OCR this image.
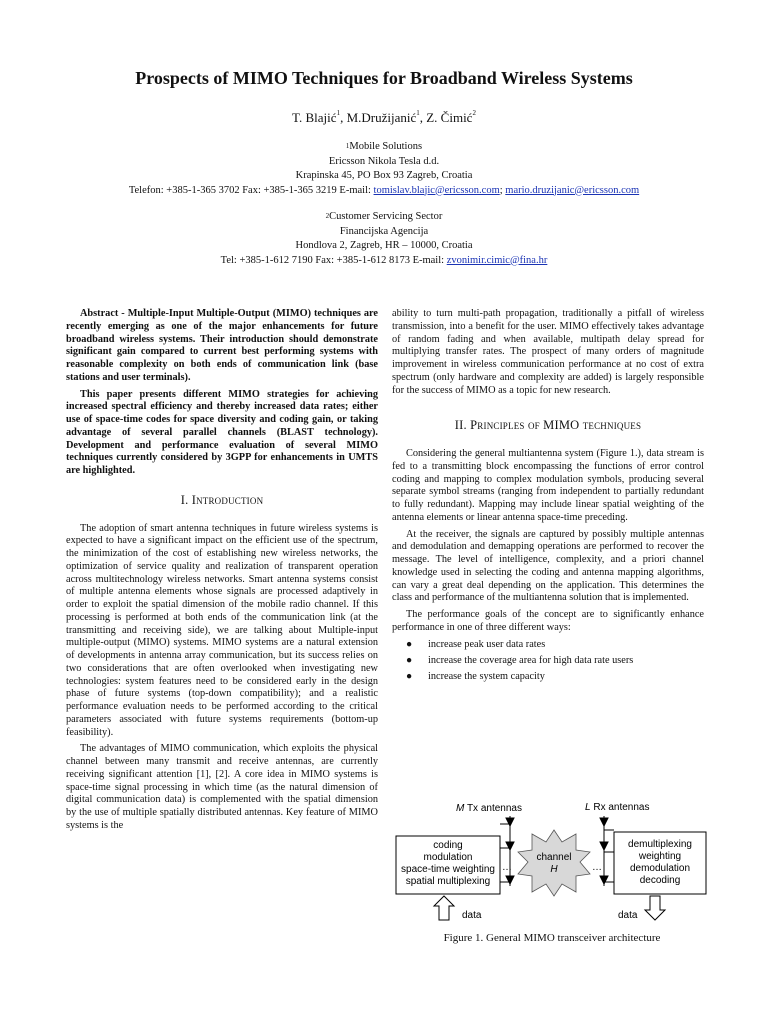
Prospects of MIMO Techniques for Broadband Wireless Systems
T. Blajić$^1$, M.Družijanić$^1$, Z. Čimić$^2$
$^1$Mobile Solutions
Ericsson Nikola Tesla d.d.
Krapinska 45, PO Box 93 Zagreb, Croatia
Telefon: +385-1-365 3702 Fax: +385-1-365 3219 E-mail: tomislav.blajic@ericsson.com; mario.druzijanic@ericsson.com
$^2$Customer Servicing Sector
Financijska Agencija
Hondlova 2, Zagreb, HR – 10000, Croatia
Tel: +385-1-612 7190 Fax: +385-1-612 8173 E-mail: zvonimir.cimic@fina.hr

Abstract - Multiple-Input Multiple-Output (MIMO) techniques are recently emerging as one of the major enhancements for future broadband wireless systems. Their introduction should demonstrate significant gain compared to current best performing systems with reasonable complexity on both ends of communication link (base stations and user terminals).

This paper presents different MIMO strategies for achieving increased spectral efficiency and thereby increased data rates; either use of space-time codes for space diversity and coding gain, or taking advantage of several parallel channels (BLAST technology). Development and performance evaluation of several MIMO techniques currently considered by 3GPP for enhancements in UMTS are highlighted.

I. Introduction

The adoption of smart antenna techniques in future wireless systems is expected to have a significant impact on the efficient use of the spectrum, the minimization of the cost of establishing new wireless networks, the optimization of service quality and realization of transparent operation across multitechnology wireless networks. Smart antenna systems consist of multiple antenna elements whose signals are processed adaptively in order to exploit the spatial dimension of the mobile radio channel. If this processing is performed at both ends of the communication link (at the transmitting and receiving side), we are talking about Multiple-input multiple-output (MIMO) systems. MIMO systems are a natural extension of developments in antenna array communication, but its success relies on two considerations that are often overlooked when investigating new technologies: system features need to be considered early in the design phase of future systems (top-down compatibility); and a realistic performance evaluation needs to be performed according to the critical parameters associated with future systems requirements (bottom-up feasibility).

The advantages of MIMO communication, which exploits the physical channel between many transmit and receive antennas, are currently receiving significant attention [1], [2]. A core idea in MIMO systems is space-time signal processing in which time (as the natural dimension of digital communication data) is complemented with the spatial dimension by the use of multiple spatially distributed antennas. Key feature of MIMO systems is the

ability to turn multi-path propagation, traditionally a pitfall of wireless transmission, into a benefit for the user. MIMO effectively takes advantage of random fading and when available, multipath delay spread for multiplying transfer rates. The prospect of many orders of magnitude improvement in wireless communication performance at no cost of extra spectrum (only hardware and complexity are added) is largely responsible for the success of MIMO as a topic for new research.

II. Principles of MIMO techniques

Considering the general multiantenna system (Figure 1.), data stream is fed to a transmitting block encompassing the functions of error control coding and mapping to complex modulation symbols, producing several separate symbol streams (ranging from independent to partially redundant to fully redundant). Mapping may include linear spatial weighting of the antenna elements or linear antenna space-time preceding.

At the receiver, the signals are captured by possibly multiple antennas and demodulation and demapping operations are performed to recover the message. The level of intelligence, complexity, and a priori channel knowledge used in selecting the coding and antenna mapping algorithms, can vary a great deal depending on the application. This determines the class and performance of the multiantenna solution that is implemented.

The performance goals of the concept are to significantly enhance performance in one of three different ways:

● increase peak user data rates
● increase the coverage area for high data rate users
● increase the system capacity
M Tx antennas	L Rx antennas
coding
modulation
space-time weighting
spatial multiplexing
…
channel
H	…
demultiplexing
weighting
demodulation
decoding
data	data
Figure 1. General MIMO transceiver architecture
